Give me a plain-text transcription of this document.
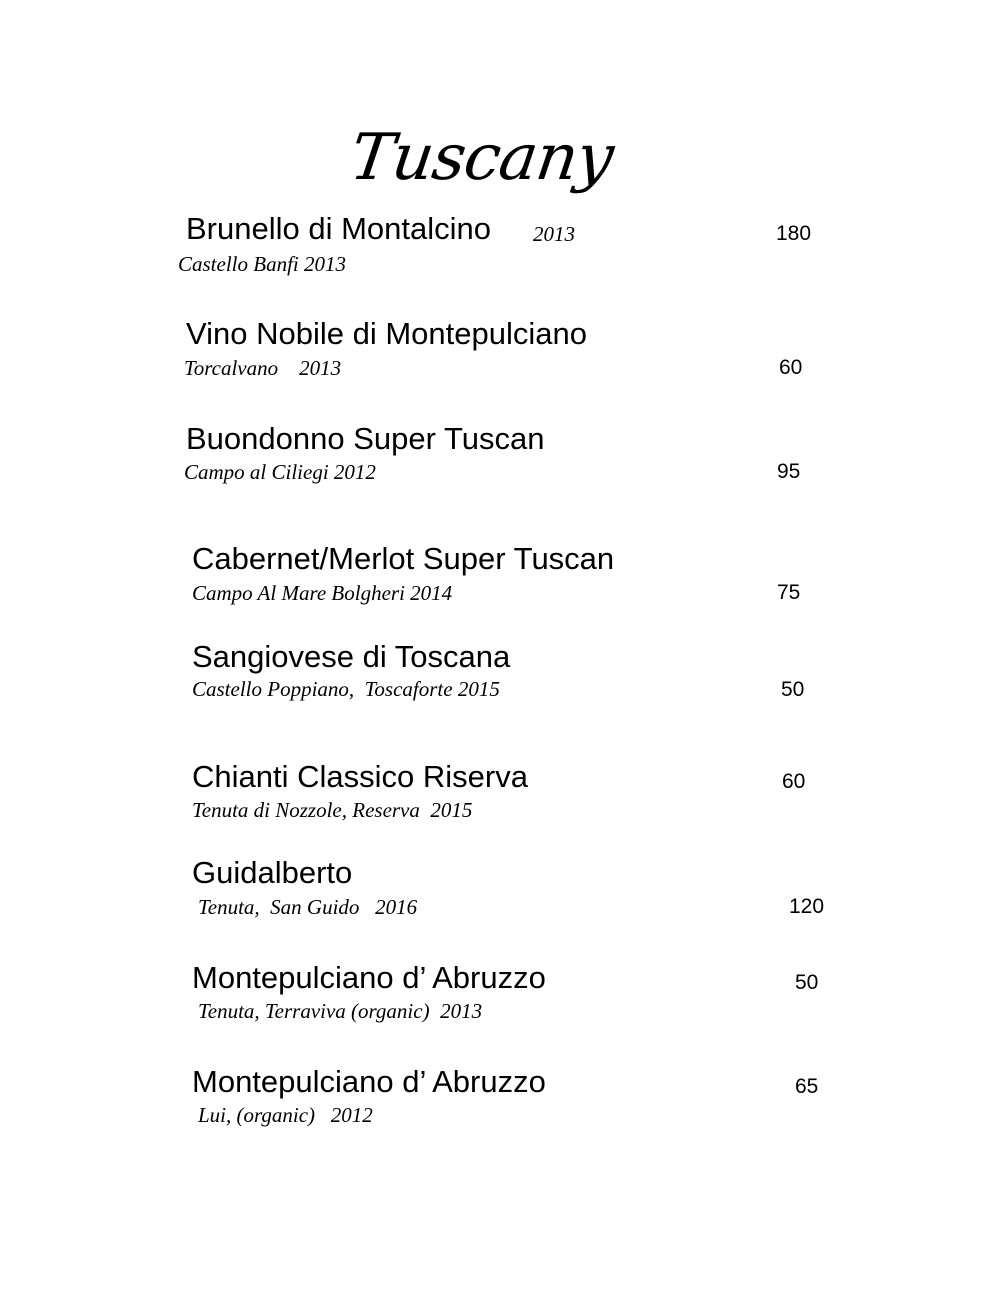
Tuscany
Brunello di Montalcino 2013	180
Castello Banfi 2013
Vino Nobile di Montepulciano
Torcalvano    2013	60
Buondonno Super Tuscan
Campo al Ciliegi 2012	95
Cabernet/Merlot Super Tuscan
Campo Al Mare Bolgheri 2014	75
Sangiovese di Toscana
Castello Poppiano,  Toscaforte 2015	50
Chianti Classico Riserva	60
Tenuta di Nozzole, Reserva  2015
Guidalberto
Tenuta,  San Guido   2016	120
Montepulciano d’ Abruzzo	50
Tenuta, Terraviva (organic)  2013
Montepulciano d’ Abruzzo	65
Lui, (organic)   2012
